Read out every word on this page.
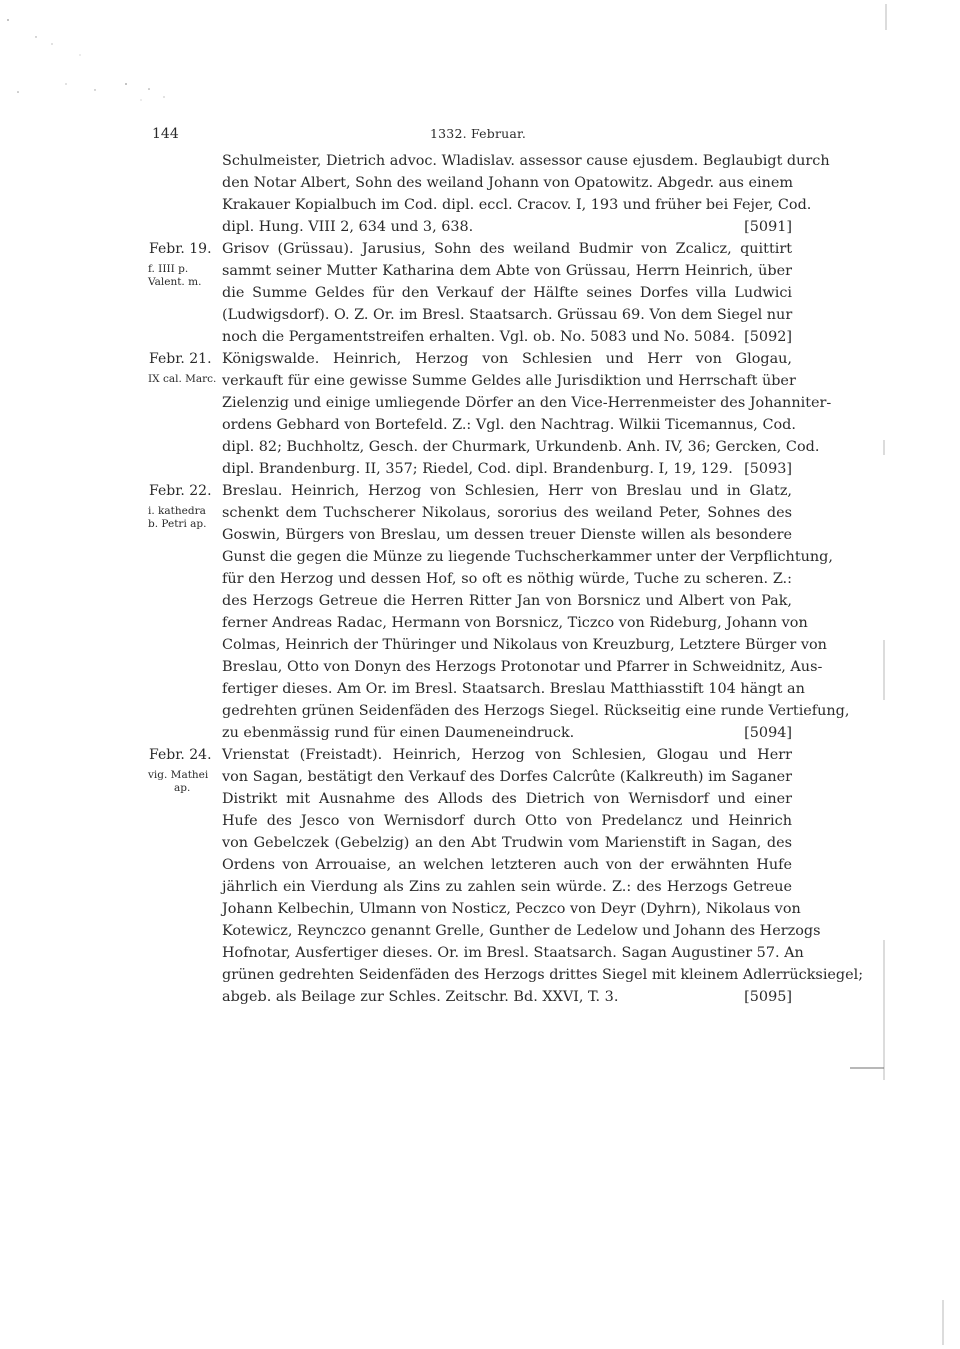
144	1332. Februar.
Schulmeister, Dietrich advoc. Wladislav. assessor cause ejusdem. Beglaubigt durch
den Notar Albert, Sohn des weiland Johann von Opatowitz. Abgedr. aus einem
Krakauer Kopialbuch im Cod. dipl. eccl. Cracov. I, 193 und früher bei Fejer, Cod.
dipl. Hung. VIII 2, 634 und 3, 638.	[5091]
Febr. 19.
f. IIII p.
Valent. m.
Grisov (Grüssau). Jarusius, Sohn des weiland Budmir von Zcalicz, quittirt
sammt seiner Mutter Katharina dem Abte von Grüssau, Herrn Heinrich, über
die Summe Geldes für den Verkauf der Hälfte seines Dorfes villa Ludwici
(Ludwigsdorf). O. Z. Or. im Bresl. Staatsarch. Grüssau 69. Von dem Siegel nur
noch die Pergamentstreifen erhalten. Vgl. ob. No. 5083 und No. 5084. [5092]
Febr. 21.
IX cal. Marc.
Königswalde. Heinrich, Herzog von Schlesien und Herr von Glogau,
verkauft für eine gewisse Summe Geldes alle Jurisdiktion und Herrschaft über
Zielenzig und einige umliegende Dörfer an den Vice-Herrenmeister des Johanniter-
ordens Gebhard von Bortefeld. Z.: Vgl. den Nachtrag. Wilkii Ticemannus, Cod.
dipl. 82; Buchholtz, Gesch. der Churmark, Urkundenb. Anh. IV, 36; Gercken, Cod.
dipl. Brandenburg. II, 357; Riedel, Cod. dipl. Brandenburg. I, 19, 129. [5093]
Febr. 22.
i. kathedra
b. Petri ap.
Breslau. Heinrich, Herzog von Schlesien, Herr von Breslau und in Glatz,
schenkt dem Tuchscherer Nikolaus, sororius des weiland Peter, Sohnes des
Goswin, Bürgers von Breslau, um dessen treuer Dienste willen als besondere
Gunst die gegen die Münze zu liegende Tuchscherkammer unter der Verpflichtung,
für den Herzog und dessen Hof, so oft es nöthig würde, Tuche zu scheren. Z.:
des Herzogs Getreue die Herren Ritter Jan von Borsnicz und Albert von Pak,
ferner Andreas Radac, Hermann von Borsnicz, Ticzco von Rideburg, Johann von
Colmas, Heinrich der Thüringer und Nikolaus von Kreuzburg, Letztere Bürger von
Breslau, Otto von Donyn des Herzogs Protonotar und Pfarrer in Schweidnitz, Aus-
fertiger dieses. Am Or. im Bresl. Staatsarch. Breslau Matthiasstift 104 hängt an
gedrehten grünen Seidenfäden des Herzogs Siegel. Rückseitig eine runde Vertiefung,
zu ebenmässig rund für einen Daumeneindruck.	[5094]
Febr. 24.
vig. Mathei
ap.
Vrienstat (Freistadt). Heinrich, Herzog von Schlesien, Glogau und Herr
von Sagan, bestätigt den Verkauf des Dorfes Calcrûte (Kalkreuth) im Saganer
Distrikt mit Ausnahme des Allods des Dietrich von Wernisdorf und einer
Hufe des Jesco von Wernisdorf durch Otto von Predelancz und Heinrich
von Gebelczek (Gebelzig) an den Abt Trudwin vom Marienstift in Sagan, des
Ordens von Arrouaise, an welchen letzteren auch von der erwähnten Hufe
jährlich ein Vierdung als Zins zu zahlen sein würde. Z.: des Herzogs Getreue
Johann Kelbechin, Ulmann von Nosticz, Peczco von Deyr (Dyhrn), Nikolaus von
Kotewicz, Reynczco genannt Grelle, Gunther de Ledelow und Johann des Herzogs
Hofnotar, Ausfertiger dieses. Or. im Bresl. Staatsarch. Sagan Augustiner 57. An
grünen gedrehten Seidenfäden des Herzogs drittes Siegel mit kleinem Adlerrücksiegel;
abgeb. als Beilage zur Schles. Zeitschr. Bd. XXVI, T. 3.	[5095]
